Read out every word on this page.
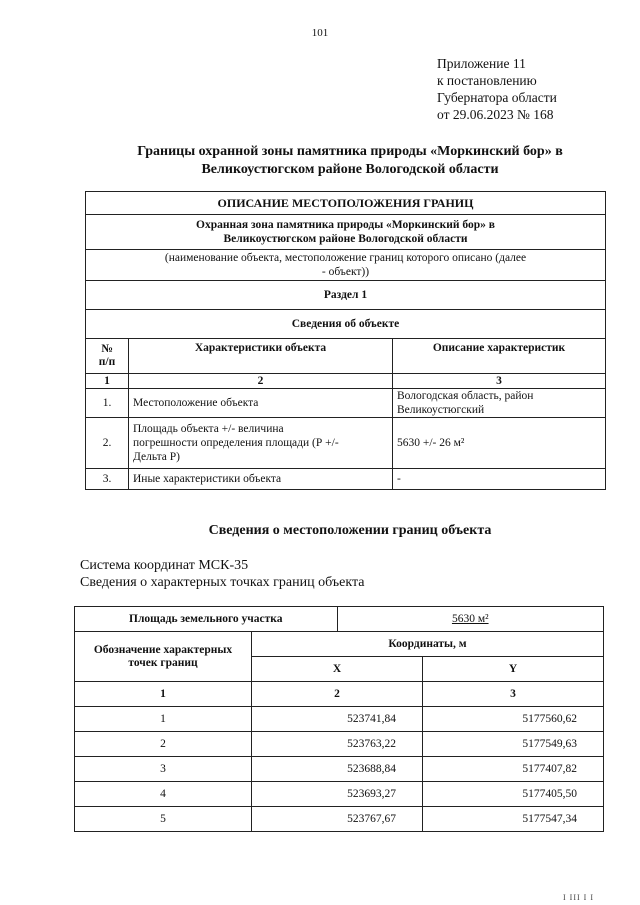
101
Приложение 11
к постановлению
Губернатора области
от 29.06.2023 № 168
Границы охранной зоны памятника природы «Моркинский бор» в
Великоустюгском районе Вологодской области
ОПИСАНИЕ МЕСТОПОЛОЖЕНИЯ ГРАНИЦ		

Охранная зона памятника природы «Моркинский бор» в
Великоустюгском районе Вологодской области		

(наименование объекта, местоположение границ которого описано (далее
- объект))		

Раздел 1		
Сведения об объекте		

№
п/п	Характеристики объекта	Описание характеристик
1	2	3
1.	Местоположение объекта	Вологодская область, район
Великоустюгский

2.	Площадь объекта +/- величина
погрешности определения площади (Р +/-
Дельта Р)	5630 +/- 26 м²
3.	Иные характеристики объекта	-
Сведения о местоположении границ объекта
Система координат МСК-35
Сведения о характерных точках границ объекта
Площадь земельного участка		5630 м²	

Обозначение характерных
точек границ	Координаты, м		
	X		Y
1	2		3
1	523741,84		5177560,62
2	523763,22		5177549,63
3	523688,84		5177407,82
4	523693,27		5177405,50
5	523767,67		5177547,34
I III I I
